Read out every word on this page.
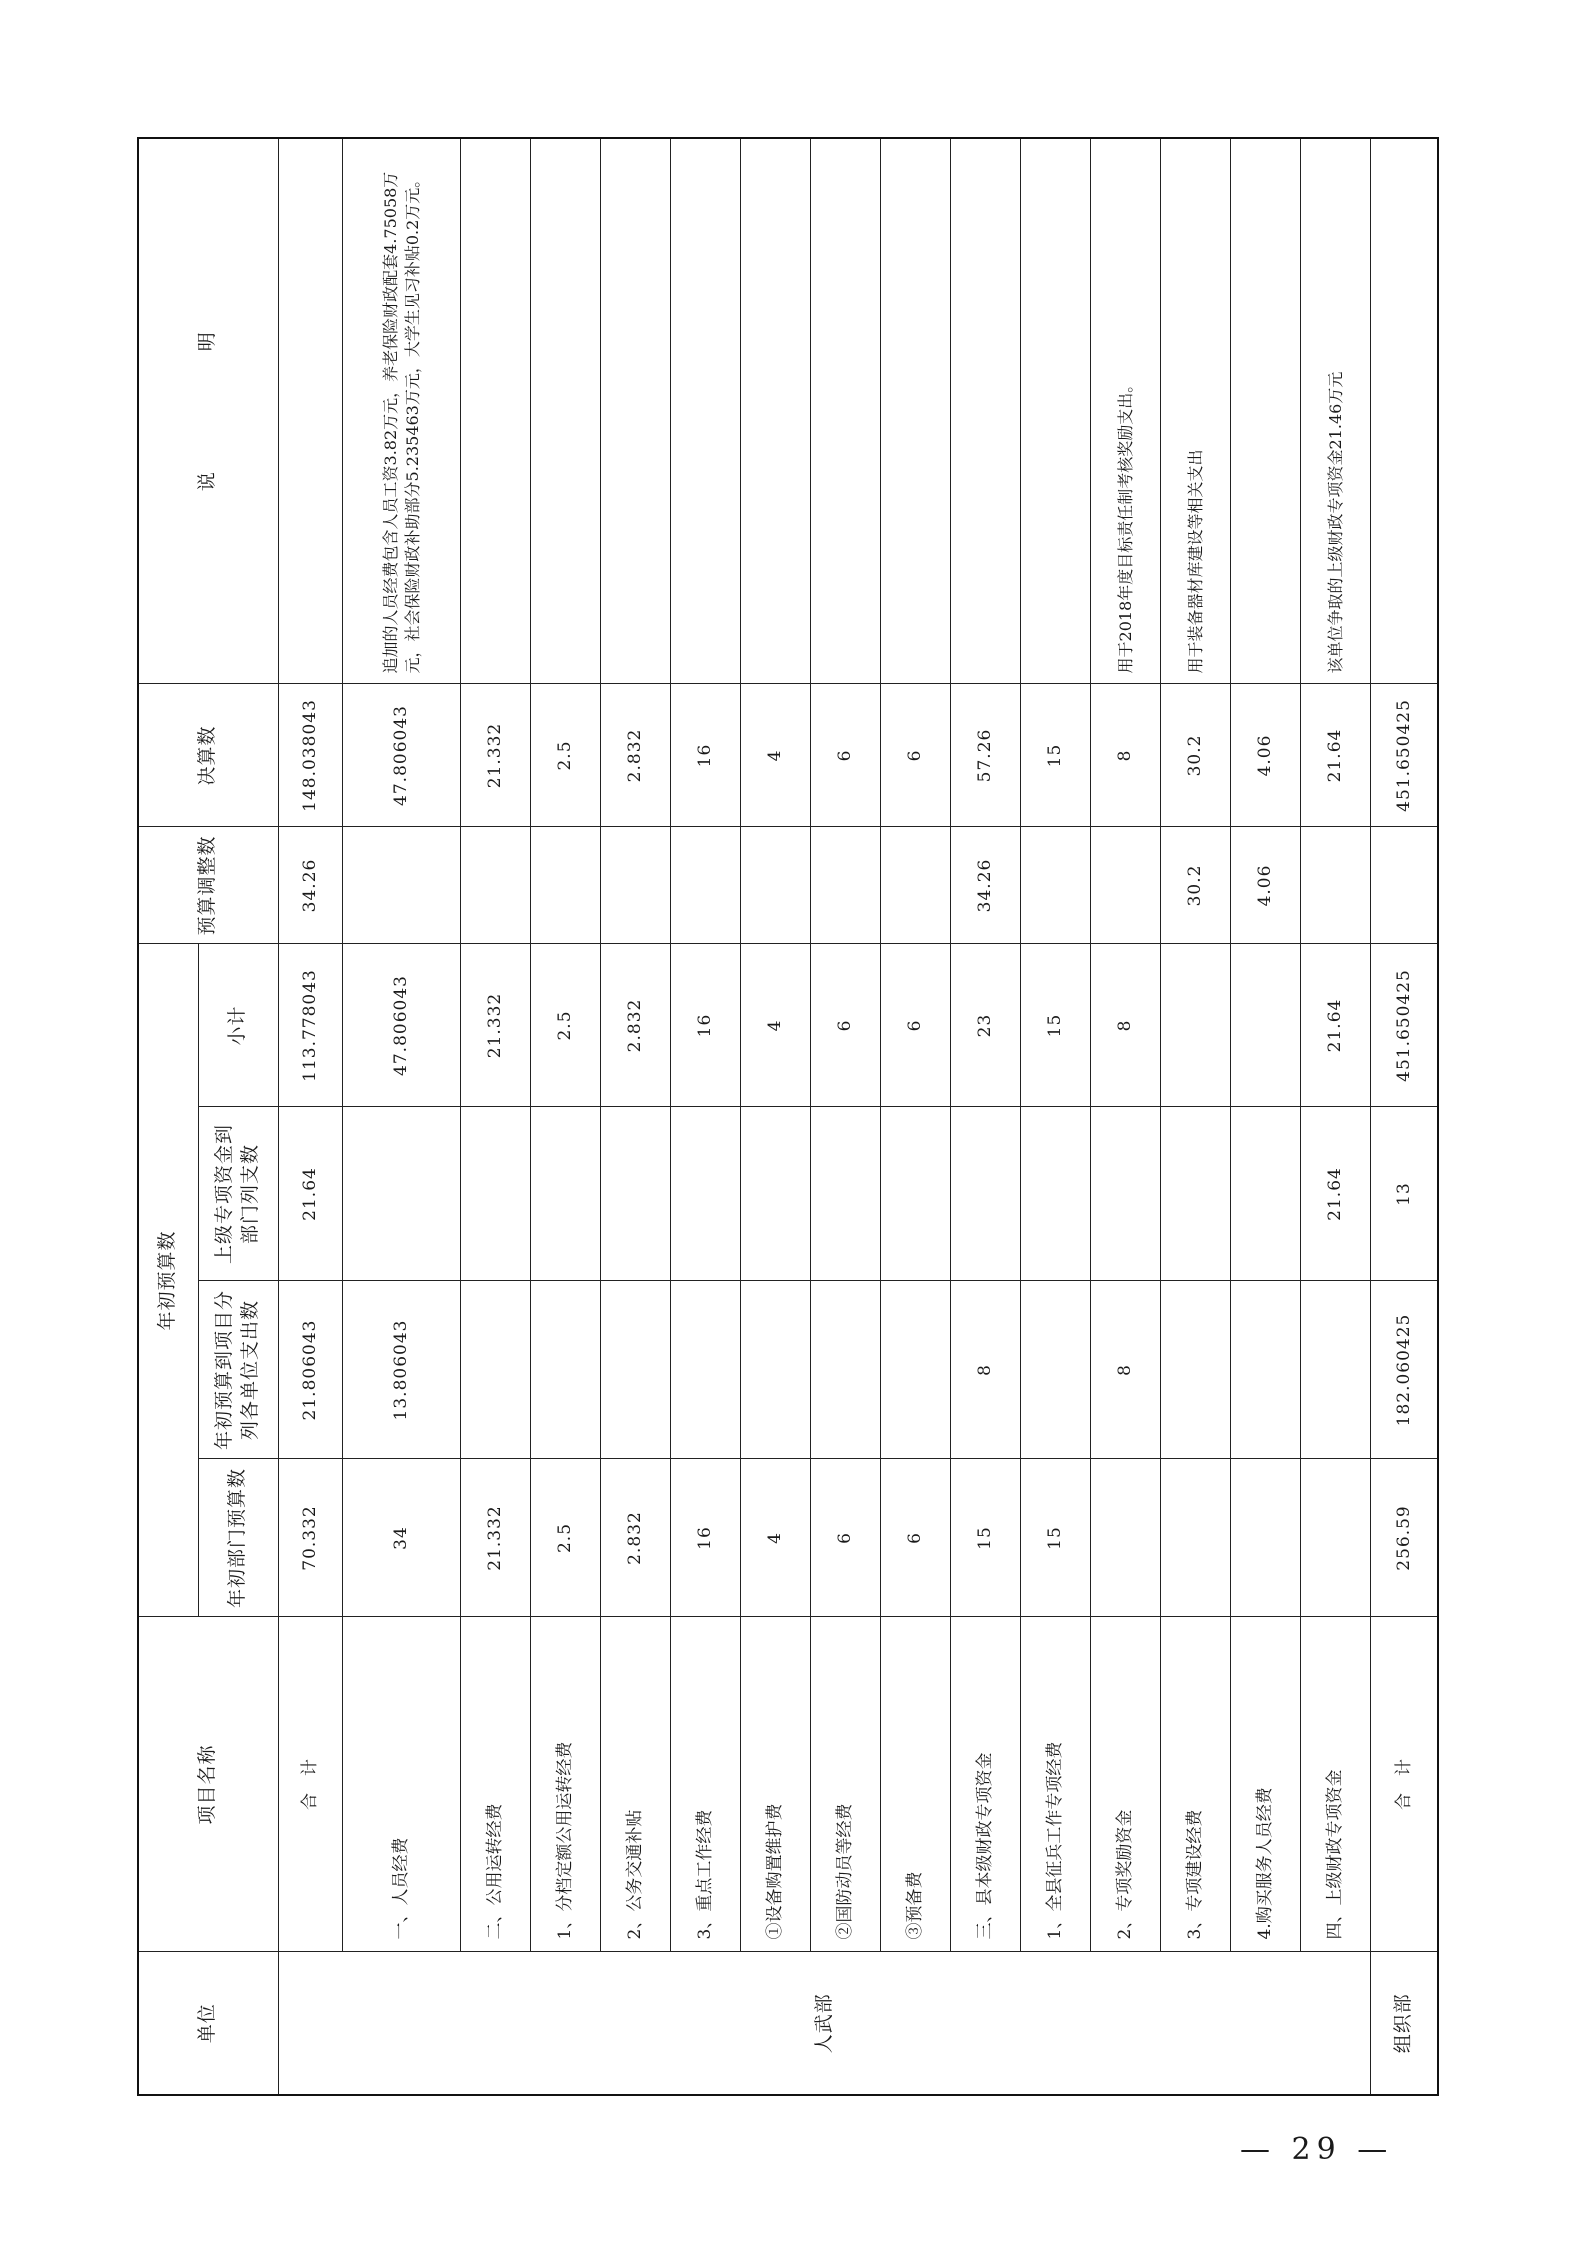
单位	项目名称	年初预算数				预算调整数	决算数	说　　　　　　明
		年初部门预算数	年初预算到项目分列各单位支出数	上级专项资金到部门列支数	小计			
人武部	合　计	70.332	21.806043	21.64	113.778043	34.26	148.038043	
	一、人员经费	34	13.806043		47.806043		47.806043	追加的人员经费包含人员工资3.82万元，养老保险财政配套4.75058万元，社会保险财政补助部分5.235463万元，大学生见习补贴0.2万元。
	二、公用运转经费	21.332			21.332		21.332	
	1、分档定额公用运转经费	2.5			2.5		2.5	
	2、公务交通补贴	2.832			2.832		2.832	
	3、重点工作经费	16			16		16	
	①设备购置维护费	4			4		4	
	②国防动员等经费	6			6		6	
	③预备费	6			6		6	
	三、县本级财政专项资金	15	8		23	34.26	57.26	
	1、全县征兵工作专项经费	15			15		15	
	2、专项奖励资金		8		8		8	用于2018年度目标责任制考核奖励支出。
	3、专项建设经费					30.2	30.2	用于装备器材库建设等相关支出
	4.购买服务人员经费					4.06	4.06	
	四、上级财政专项资金			21.64	21.64		21.64	该单位争取的上级财政专项资金21.46万元
组织部	合　计	256.59	182.060425	13	451.650425		451.650425	
— 29 —
